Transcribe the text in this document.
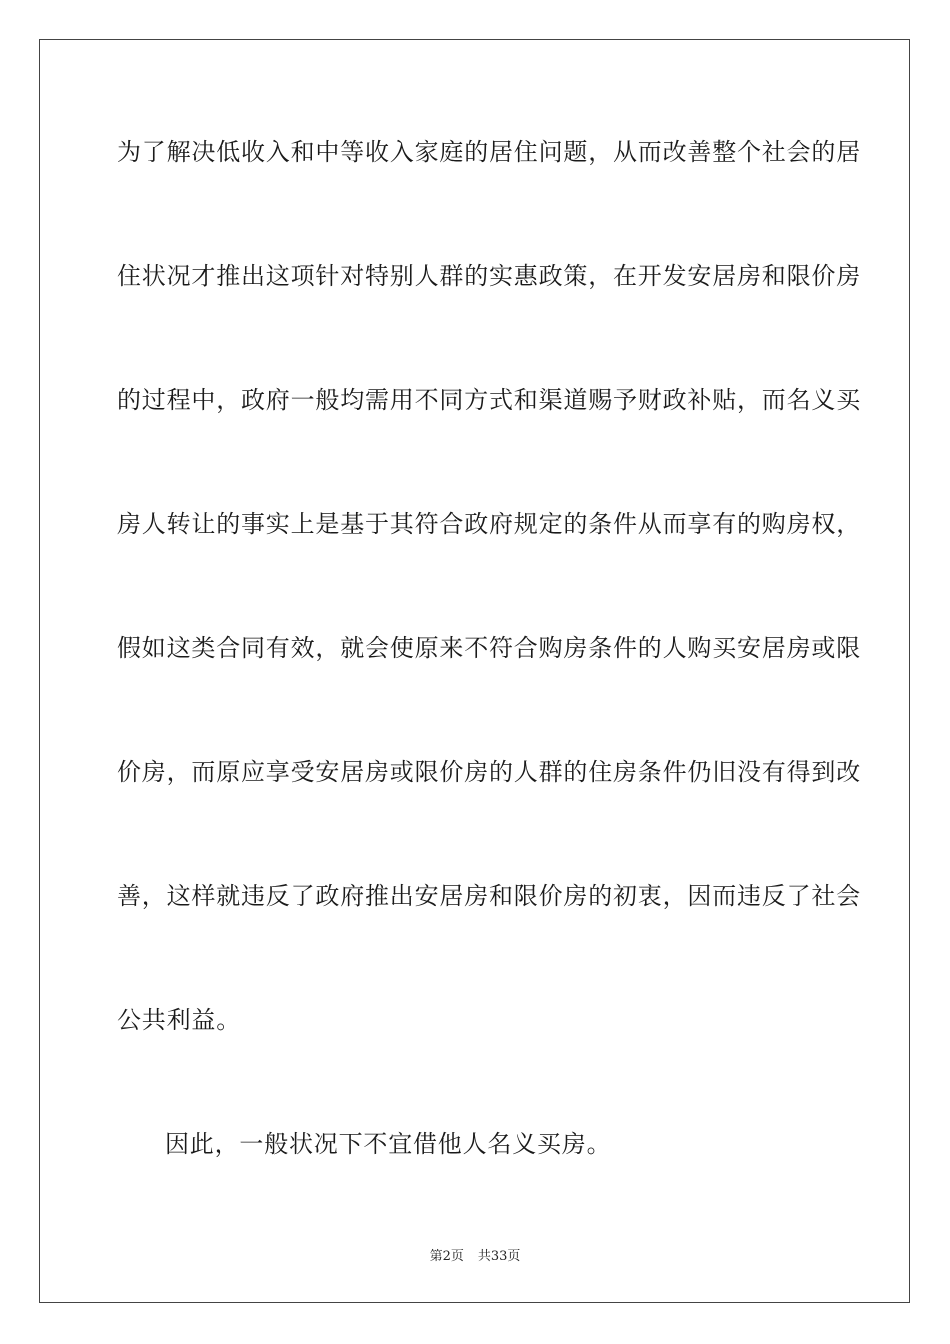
为了解决低收入和中等收入家庭的居住问题，从而改善整个社会的居
住状况才推出这项针对特别人群的实惠政策，在开发安居房和限价房
的过程中，政府一般均需用不同方式和渠道赐予财政补贴，而名义买
房人转让的事实上是基于其符合政府规定的条件从而享有的购房权，
假如这类合同有效，就会使原来不符合购房条件的人购买安居房或限
价房，而原应享受安居房或限价房的人群的住房条件仍旧没有得到改
善，这样就违反了政府推出安居房和限价房的初衷，因而违反了社会
公共利益。
因此，一般状况下不宜借他人名义买房。
第2页 共33页
